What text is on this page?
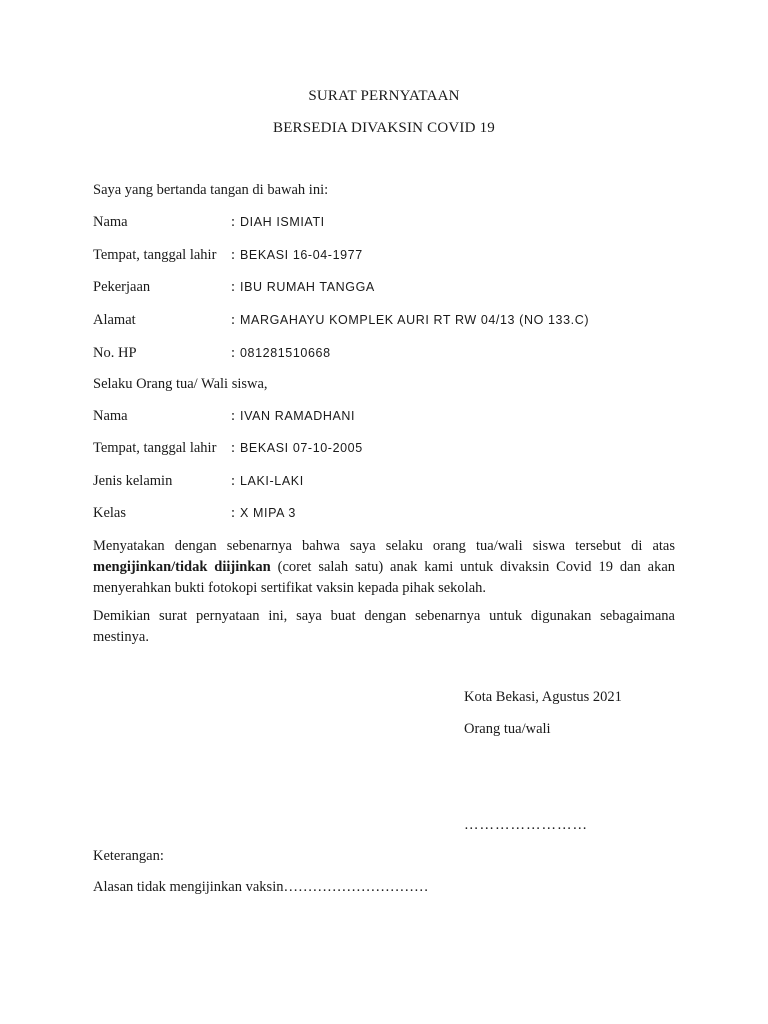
SURAT PERNYATAAN
BERSEDIA DIVAKSIN COVID 19
Saya yang bertanda tangan di bawah ini:
Nama	: DIAH ISMIATI
Tempat, tanggal lahir : BEKASI 16-04-1977
Pekerjaan	: IBU RUMAH TANGGA
Alamat	: MARGAHAYU KOMPLEK AURI RT RW 04/13 (NO 133.C)
No. HP	: 081281510668
Selaku Orang tua/ Wali siswa,
Nama	: IVAN RAMADHANI
Tempat, tanggal lahir : BEKASI 07-10-2005
Jenis kelamin	: LAKI-LAKI
Kelas	: X MIPA 3
Menyatakan dengan sebenarnya bahwa saya selaku orang tua/wali siswa tersebut di atas mengijinkan/tidak diijinkan (coret salah satu) anak kami untuk divaksin Covid 19 dan akan menyerahkan bukti fotokopi sertifikat vaksin kepada pihak sekolah.
Demikian surat pernyataan ini, saya buat dengan sebenarnya untuk digunakan sebagaimana mestinya.
Kota Bekasi, Agustus 2021
Orang tua/wali
……………………
Keterangan:
Alasan tidak mengijinkan vaksin…………………………
